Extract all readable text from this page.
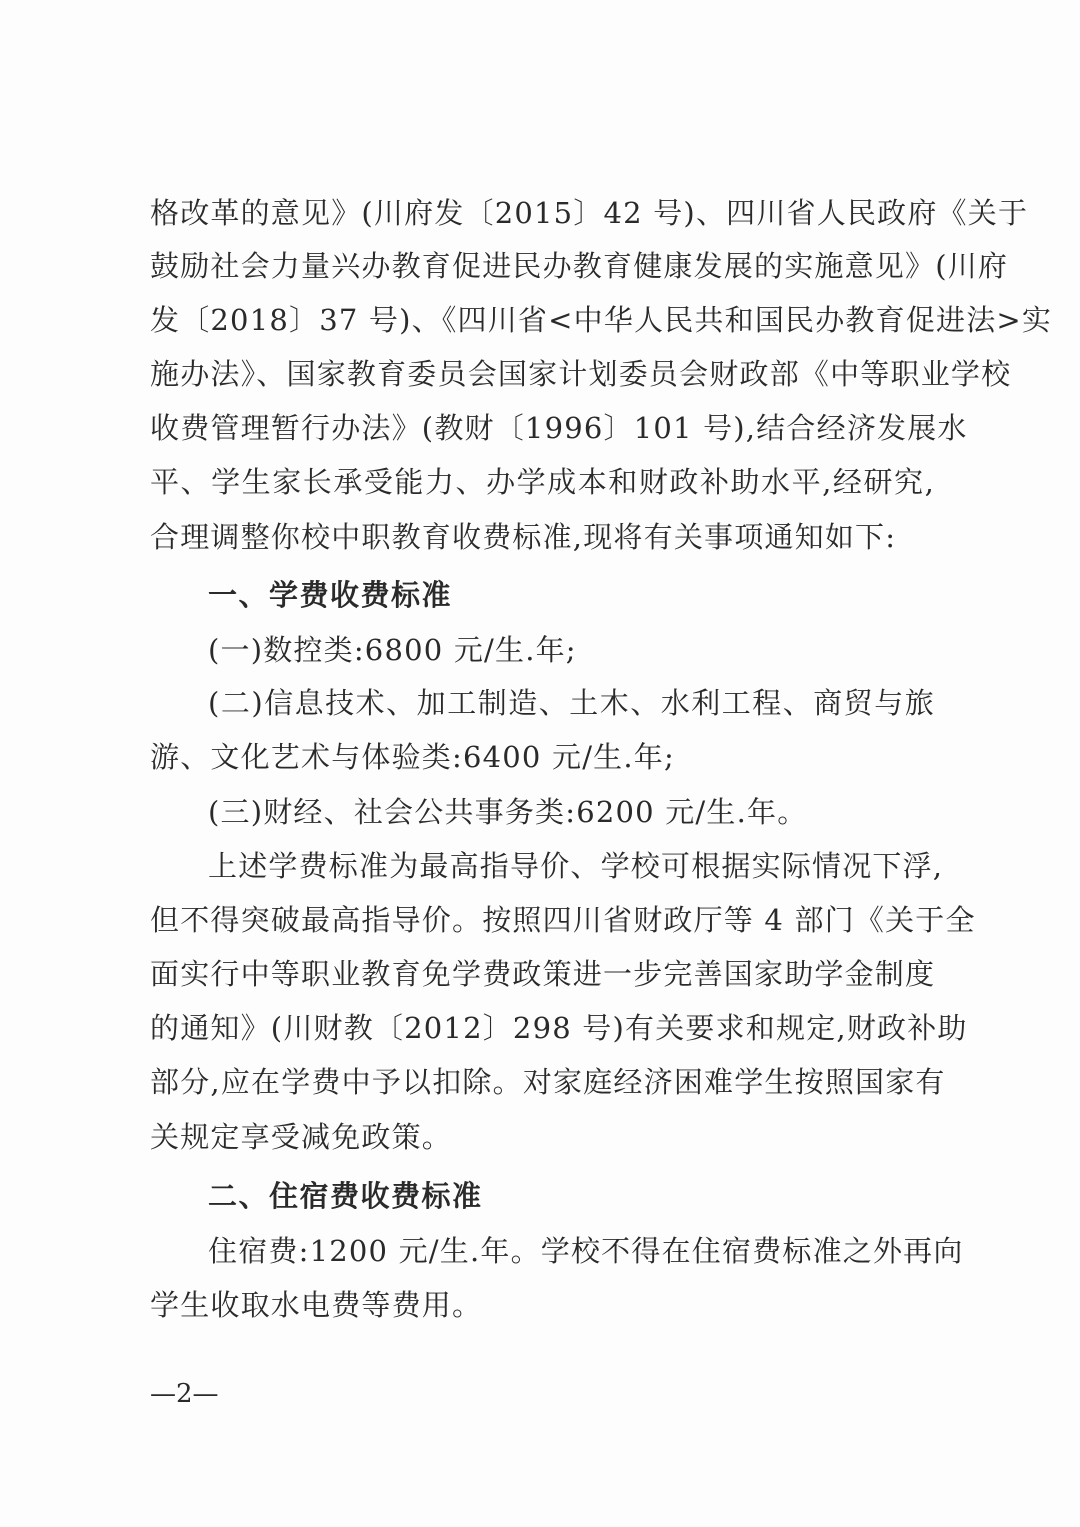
格改革的意见》(川府发〔2015〕42 号)、四川省人民政府《关于
鼓励社会力量兴办教育促进民办教育健康发展的实施意见》(川府
发〔2018〕37 号)、《四川省<中华人民共和国民办教育促进法>实
施办法》、国家教育委员会国家计划委员会财政部《中等职业学校
收费管理暂行办法》(教财〔1996〕101 号),结合经济发展水
平、学生家长承受能力、办学成本和财政补助水平,经研究,
合理调整你校中职教育收费标准,现将有关事项通知如下:
一、学费收费标准
(一)数控类:6800 元/生.年;
(二)信息技术、加工制造、土木、水利工程、商贸与旅
游、文化艺术与体验类:6400 元/生.年;
(三)财经、社会公共事务类:6200 元/生.年。
上述学费标准为最高指导价、学校可根据实际情况下浮,
但不得突破最高指导价。按照四川省财政厅等 4 部门《关于全
面实行中等职业教育免学费政策进一步完善国家助学金制度
的通知》(川财教〔2012〕298 号)有关要求和规定,财政补助
部分,应在学费中予以扣除。对家庭经济困难学生按照国家有
关规定享受减免政策。
二、住宿费收费标准
住宿费:1200 元/生.年。学校不得在住宿费标准之外再向
学生收取水电费等费用。
—2—
